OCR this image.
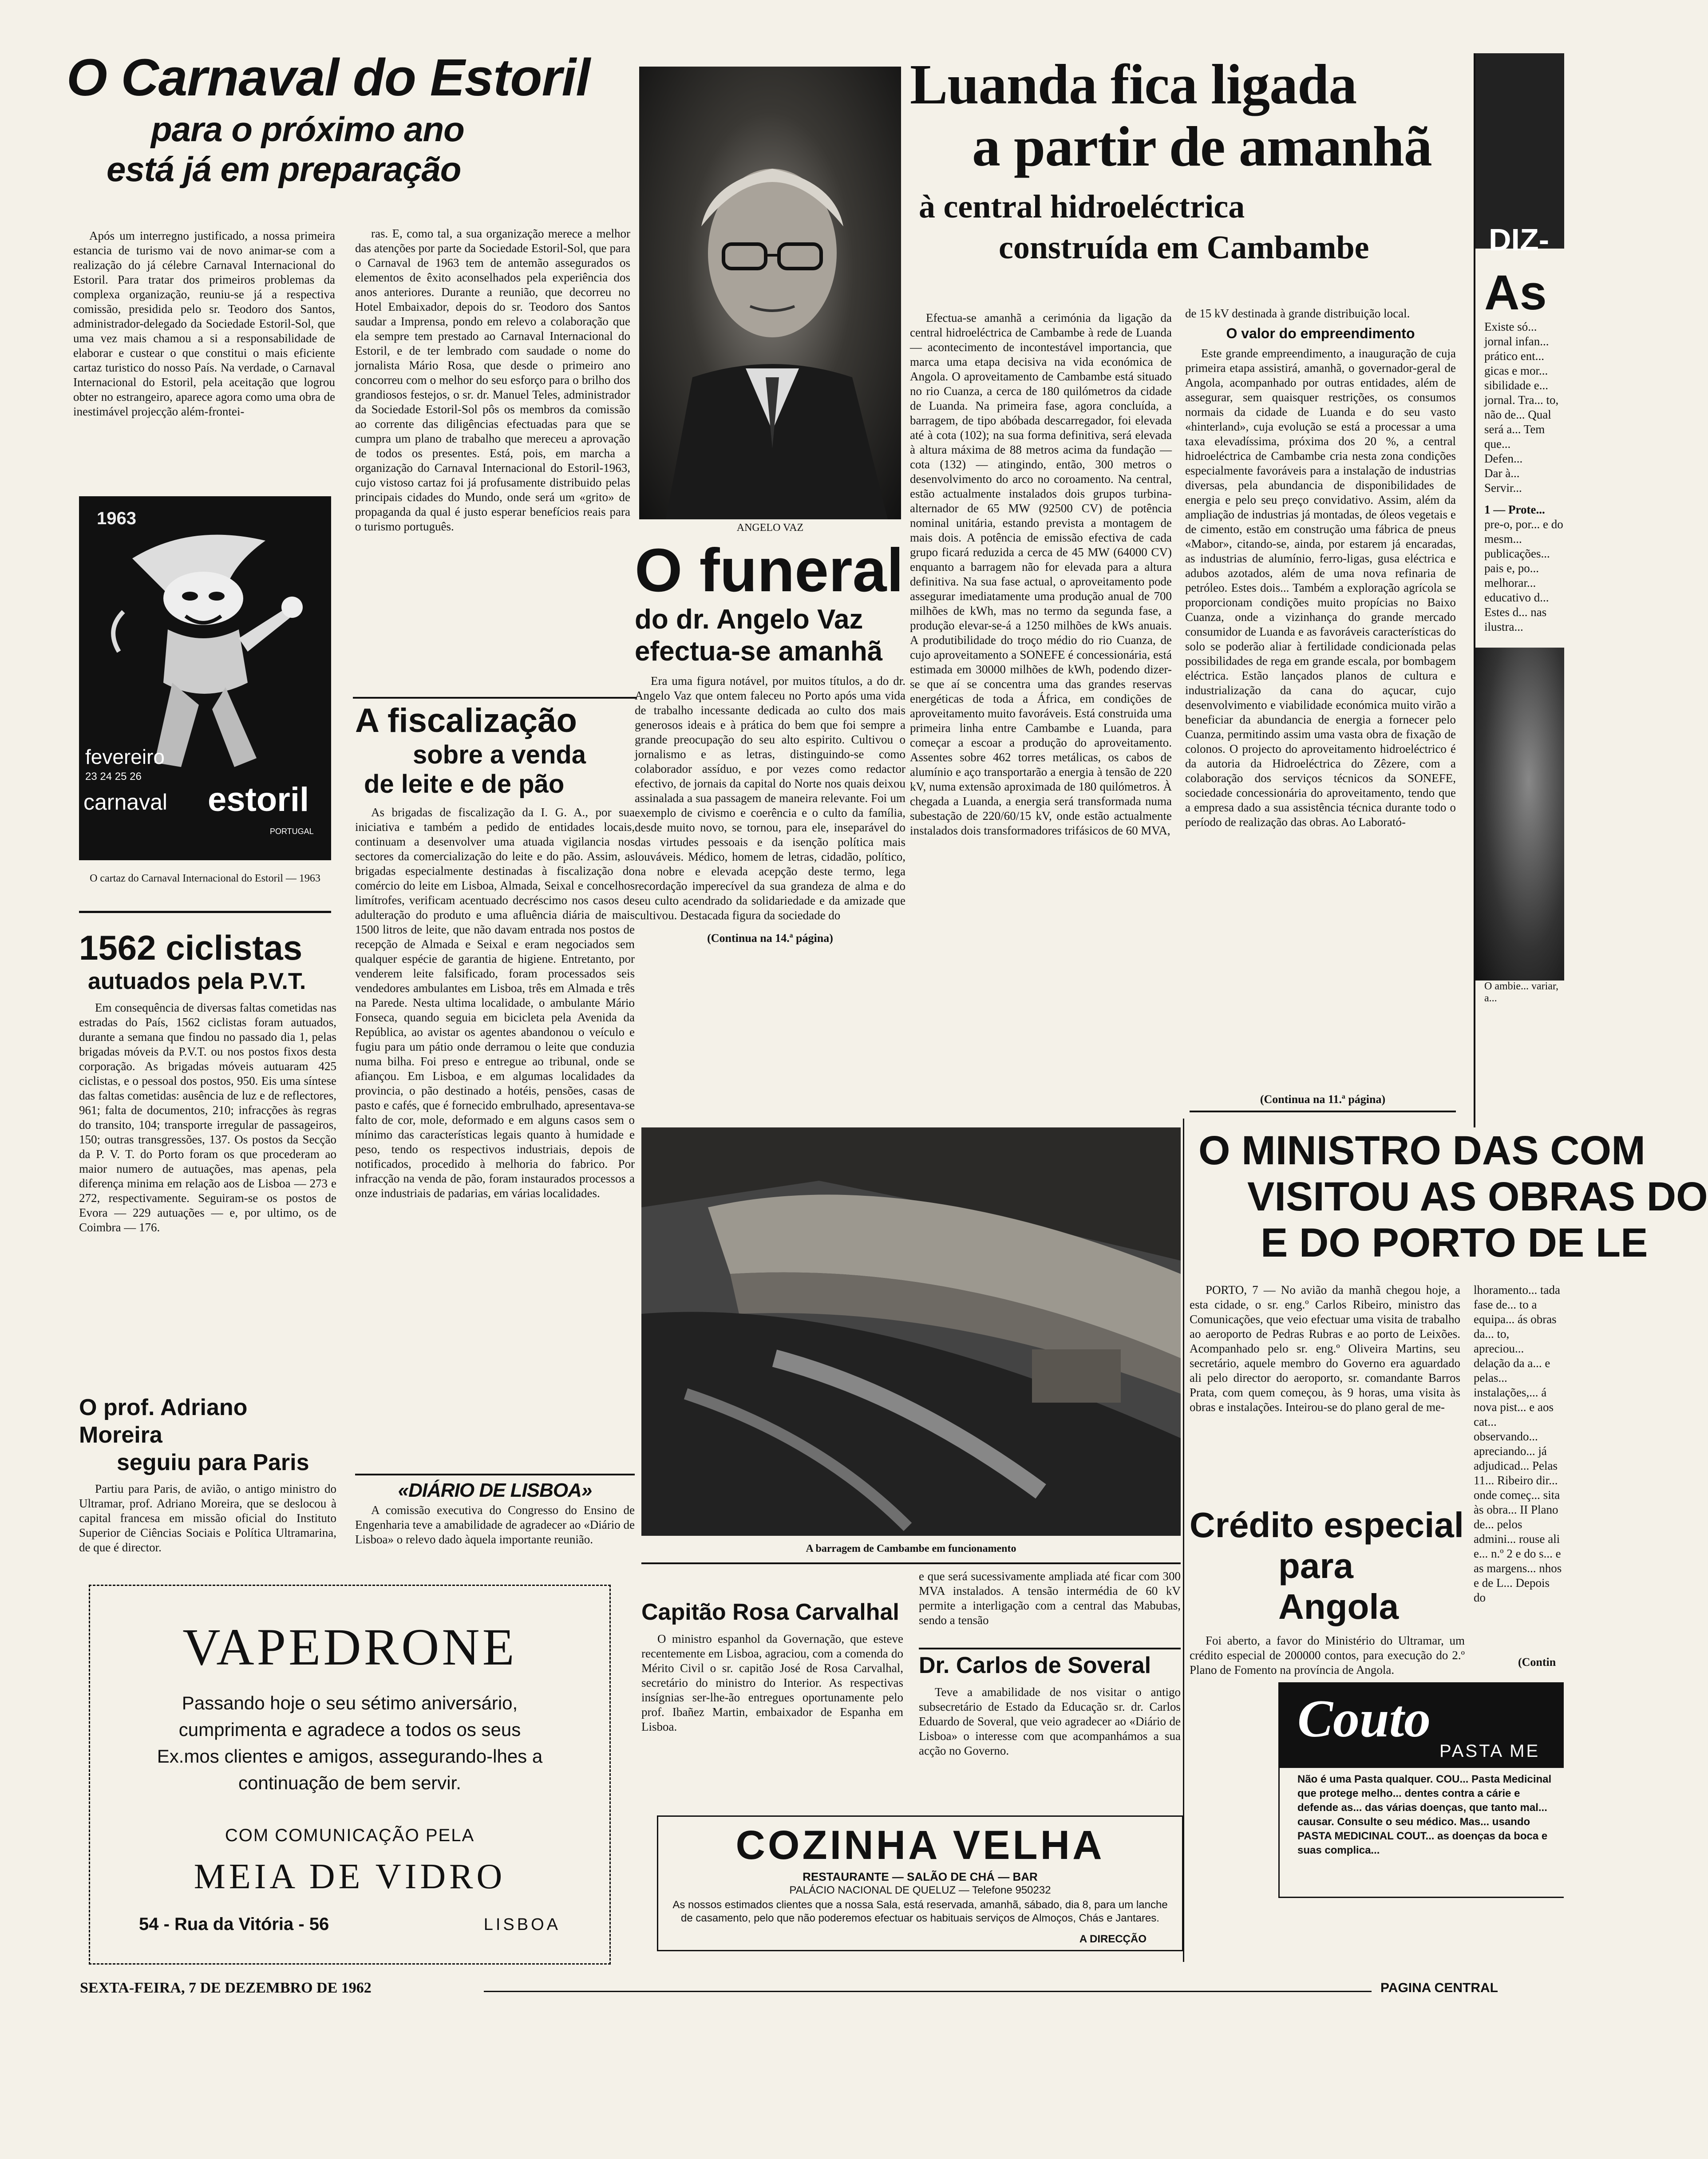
O Carnaval do Estoril
para o próximo ano
está já em preparação

Após um interregno justificado, a nossa primeira estancia de turismo vai de novo animar-se com a realização do já célebre Carnaval Internacional do Estoril. Para tratar dos primeiros problemas da complexa organização, reuniu-se já a respectiva comissão, presidida pelo sr. Teodoro dos Santos, administrador-delegado da Sociedade Estoril-Sol, que uma vez mais chamou a si a responsabilidade de elaborar e custear o que constitui o mais eficiente cartaz turistico do nosso País. Na verdade, o Carnaval Internacional do Estoril, pela aceitação que logrou obter no estrangeiro, aparece agora como uma obra de inestimável projecção além-frontei-

ras. E, como tal, a sua organização merece a melhor das atenções por parte da Sociedade Estoril-Sol, que para o Carnaval de 1963 tem de antemão assegurados os elementos de êxito aconselhados pela experiência dos anos anteriores. Durante a reunião, que decorreu no Hotel Embaixador, depois do sr. Teodoro dos Santos saudar a Imprensa, pondo em relevo a colaboração que ela sempre tem prestado ao Carnaval Internacional do Estoril, e de ter lembrado com saudade o nome do jornalista Mário Rosa, que desde o primeiro ano concorreu com o melhor do seu esforço para o brilho dos grandiosos festejos, o sr. dr. Manuel Teles, administrador da Sociedade Estoril-Sol pôs os membros da comissão ao corrente das diligências efectuadas para que se cumpra um plano de trabalho que mereceu a aprovação de todos os presentes. Está, pois, em marcha a organização do Carnaval Internacional do Estoril-1963, cujo vistoso cartaz foi já profusamente distribuido pelas principais cidades do Mundo, onde será um «grito» de propaganda da qual é justo esperar benefícios reais para o turismo português.

1963
fevereiro
23 24 25 26
carnaval estoril
PORTUGAL
O cartaz do Carnaval Internacional do Estoril — 1963
1562 ciclistas
autuados pela P.V.T.

Em consequência de diversas faltas cometidas nas estradas do País, 1562 ciclistas foram autuados, durante a semana que findou no passado dia 1, pelas brigadas móveis da P.V.T. ou nos postos fixos desta corporação. As brigadas móveis autuaram 425 ciclistas, e o pessoal dos postos, 950. Eis uma síntese das faltas cometidas: ausência de luz e de reflectores, 961; falta de documentos, 210; infracções às regras do transito, 104; transporte irregular de passageiros, 150; outras transgressões, 137. Os postos da Secção da P. V. T. do Porto foram os que procederam ao maior numero de autuações, mas apenas, pela diferença minima em relação aos de Lisboa — 273 e 272, respectivamente. Seguiram-se os postos de Evora — 229 autuações — e, por ultimo, os de Coimbra — 176.

O prof. Adriano Moreira
seguiu para Paris

Partiu para Paris, de avião, o antigo ministro do Ultramar, prof. Adriano Moreira, que se deslocou à capital francesa em missão oficial do Instituto Superior de Ciências Sociais e Política Ultramarina, de que é director.

A fiscalização
sobre a venda
de leite e de pão

As brigadas de fiscalização da I. G. A., por sua iniciativa e também a pedido de entidades locais, continuam a desenvolver uma atuada vigilancia nos sectores da comercialização do leite e do pão. Assim, as brigadas especialmente destinadas à fiscalização do comércio do leite em Lisboa, Almada, Seixal e concelhos limítrofes, verificam acentuado decréscimo nos casos de adulteração do produto e uma afluência diária de mais 1500 litros de leite, que não davam entrada nos postos de recepção de Almada e Seixal e eram negociados sem qualquer espécie de garantia de higiene. Entretanto, por venderem leite falsificado, foram processados seis vendedores ambulantes em Lisboa, três em Almada e três na Parede. Nesta ultima localidade, o ambulante Mário Fonseca, quando seguia em bicicleta pela Avenida da República, ao avistar os agentes abandonou o veículo e fugiu para um pátio onde derramou o leite que conduzia numa bilha. Foi preso e entregue ao tribunal, onde se afiançou. Em Lisboa, e em algumas localidades da provincia, o pão destinado a hotéis, pensões, casas de pasto e cafés, que é fornecido embrulhado, apresentava-se falto de cor, mole, deformado e em alguns casos sem o mínimo das características legais quanto à humidade e peso, tendo os respectivos industriais, depois de notificados, procedido à melhoria do fabrico. Por infracção na venda de pão, foram instaurados processos a onze industriais de padarias, em várias localidades.

«DIÁRIO DE LISBOA»

A comissão executiva do Congresso do Ensino de Engenharia teve a amabilidade de agradecer ao «Diário de Lisboa» o relevo dado àquela importante reunião.

ANGELO VAZ
O funeral
do dr. Angelo Vaz
efectua-se amanhã

Era uma figura notável, por muitos títulos, a do dr. Angelo Vaz que ontem faleceu no Porto após uma vida de trabalho incessante dedicada ao culto dos mais generosos ideais e à prática do bem que foi sempre a grande preocupação do seu alto espirito. Cultivou o jornalismo e as letras, distinguindo-se como colaborador assíduo, e por vezes como redactor efectivo, de jornais da capital do Norte nos quais deixou assinalada a sua passagem de maneira relevante. Foi um exemplo de civismo e coerência e o culto da família, desde muito novo, se tornou, para ele, inseparável do das virtudes pessoais e da isenção política mais louváveis. Médico, homem de letras, cidadão, político, na nobre e elevada acepção deste termo, lega recordação imperecível da sua grandeza de alma e do seu culto acendrado da solidariedade e da amizade que cultivou. Destacada figura da sociedade do

(Continua na 14.ª página)
Luanda fica ligada
a partir de amanhã
à central hidroeléctrica
construída em Cambambe

Efectua-se amanhã a cerimónia da ligação da central hidroeléctrica de Cambambe à rede de Luanda — acontecimento de incontestável importancia, que marca uma etapa decisiva na vida económica de Angola. O aproveitamento de Cambambe está situado no rio Cuanza, a cerca de 180 quilómetros da cidade de Luanda. Na primeira fase, agora concluída, a barragem, de tipo abóbada descarregador, foi elevada até à cota (102); na sua forma definitiva, será elevada à altura máxima de 88 metros acima da fundação — cota (132) — atingindo, então, 300 metros o desenvolvimento do arco no coroamento. Na central, estão actualmente instalados dois grupos turbina-alternador de 65 MW (92500 CV) de potência nominal unitária, estando prevista a montagem de mais dois. A potência de emissão efectiva de cada grupo ficará reduzida a cerca de 45 MW (64000 CV) enquanto a barragem não for elevada para a altura definitiva. Na sua fase actual, o aproveitamento pode assegurar imediatamente uma produção anual de 700 milhões de kWh, mas no termo da segunda fase, a produção elevar-se-á a 1250 milhões de kWs anuais. A produtibilidade do troço médio do rio Cuanza, de cujo aproveitamento a SONEFE é concessionária, está estimada em 30000 milhões de kWh, podendo dizer-se que aí se concentra uma das grandes reservas energéticas de toda a África, em condições de aproveitamento muito favoráveis. Está construida uma primeira linha entre Cambambe e Luanda, para começar a escoar a produção do aproveitamento. Assentes sobre 462 torres metálicas, os cabos de alumínio e aço transportarão a energia à tensão de 220 kV, numa extensão aproximada de 180 quilómetros. À chegada a Luanda, a energia será transformada numa subestação de 220/60/15 kV, onde estão actualmente instalados dois transformadores trifásicos de 60 MVA,

de 15 kV destinada à grande distribuição local.

O valor do empreendimento

Este grande empreendimento, a inauguração de cuja primeira etapa assistirá, amanhã, o governador-geral de Angola, acompanhado por outras entidades, além de assegurar, sem quaisquer restrições, os consumos normais da cidade de Luanda e do seu vasto «hinterland», cuja evolução se está a processar a uma taxa elevadíssima, próxima dos 20 %, a central hidroeléctrica de Cambambe cria nesta zona condições especialmente favoráveis para a instalação de industrias diversas, pela abundancia de disponibilidades de energia e pelo seu preço convidativo. Assim, além da ampliação de industrias já montadas, de óleos vegetais e de cimento, estão em construção uma fábrica de pneus «Mabor», citando-se, ainda, por estarem já encaradas, as industrias de alumínio, ferro-ligas, gusa eléctrica e adubos azotados, além de uma nova refinaria de petróleo. Estes dois... Também a exploração agrícola se proporcionam condições muito propícias no Baixo Cuanza, onde a vizinhança do grande mercado consumidor de Luanda e as favoráveis características do solo se poderão aliar à fertilidade condicionada pelas possibilidades de rega em grande escala, por bombagem eléctrica. Estão lançados planos de cultura e industrialização da cana do açucar, cujo desenvolvimento e viabilidade económica muito virão a beneficiar da abundancia de energia a fornecer pelo Cuanza, permitindo assim uma vasta obra de fixação de colonos. O projecto do aproveitamento hidroeléctrico é da autoria da Hidroeléctrica do Zêzere, com a colaboração dos serviços técnicos da SONEFE, sociedade concessionária do aproveitamento, tendo que a empresa dado a sua assistência técnica durante todo o período de realização das obras. Ao Laborató-

(Continua na 11.ª página)
A barragem de Cambambe em funcionamento
Capitão Rosa Carvalhal

O ministro espanhol da Governação, que esteve recentemente em Lisboa, agraciou, com a comenda do Mérito Civil o sr. capitão José de Rosa Carvalhal, secretário do ministro do Interior. As respectivas insígnias ser-lhe-ão entregues oportunamente pelo prof. Ibañez Martin, embaixador de Espanha em Lisboa.

e que será sucessivamente ampliada até ficar com 300 MVA instalados. A tensão intermédia de 60 kV permite a interligação com a central das Mabubas, sendo a tensão

Dr. Carlos de Soveral

Teve a amabilidade de nos visitar o antigo subsecretário de Estado da Educação sr. dr. Carlos Eduardo de Soveral, que veio agradecer ao «Diário de Lisboa» o interesse com que acompanhámos a sua acção no Governo.

O MINISTRO DAS COM
VISITOU AS OBRAS DO
E DO PORTO DE LE

PORTO, 7 — No avião da manhã chegou hoje, a esta cidade, o sr. eng.º Carlos Ribeiro, ministro das Comunicações, que veio efectuar uma visita de trabalho ao aeroporto de Pedras Rubras e ao porto de Leixões. Acompanhado pelo sr. eng.º Oliveira Martins, seu secretário, aquele membro do Governo era aguardado ali pelo director do aeroporto, sr. comandante Barros Prata, com quem começou, às 9 horas, uma visita às obras e instalações. Inteirou-se do plano geral de me-

lhoramento... tada fase de... to a equipa... ás obras da... to, apreciou... delação da a... e pelas... instalações,... á nova pist... e aos cat... observando... apreciando... já adjudicad... Pelas 11... Ribeiro dir... onde começ... sita às obra... II Plano de... pelos admini... rouse ali e... n.º 2 e do s... e as margens... nhos e de L... Depois do

Crédito especial
para Angola

Foi aberto, a favor do Ministério do Ultramar, um crédito especial de 200000 contos, para execução do 2.º Plano de Fomento na província de Angola.

(Contin
DIZ-
As

Existe só... jornal infan... prático ent... gicas e mor... sibilidade e... jornal. Tra... to, não de... Qual será a... Tem que...

Defen...

Dar à...

Servir...

1 — Prote...

pre-o, por... e do mesm... publicações... pais e, po... melhorar... educativo d... Estes d... nas ilustra...

O ambie... variar, a...
VAPEDRONE
Passando hoje o seu sétimo aniversário,
cumprimenta e agradece a todos os seus
Ex.mos clientes e amigos, assegurando-lhes a
continuação de bem servir.
COM COMUNICAÇÃO PELA
MEIA DE VIDRO
54 - Rua da Vitória - 56	LISBOA
COZINHA VELHA
RESTAURANTE — SALÃO DE CHÁ — BAR
PALÁCIO NACIONAL DE QUELUZ — Telefone 950232
As nossos estimados clientes que a nossa Sala, está reservada, amanhã, sábado, dia 8, para um lanche de casamento, pelo que não poderemos efectuar os habituais serviços de Almoços, Chás e Jantares.
A DIRECÇÃO
Couto
PASTA ME
Não é uma Pasta qualquer. COU... Pasta Medicinal que protege melho... dentes contra a cárie e defende as... das várias doenças, que tanto mal... causar. Consulte o seu médico. Mas... usando PASTA MEDICINAL COUT... as doenças da boca e suas complica...
SEXTA-FEIRA, 7 DE DEZEMBRO DE 1962	PAGINA CENTRAL
